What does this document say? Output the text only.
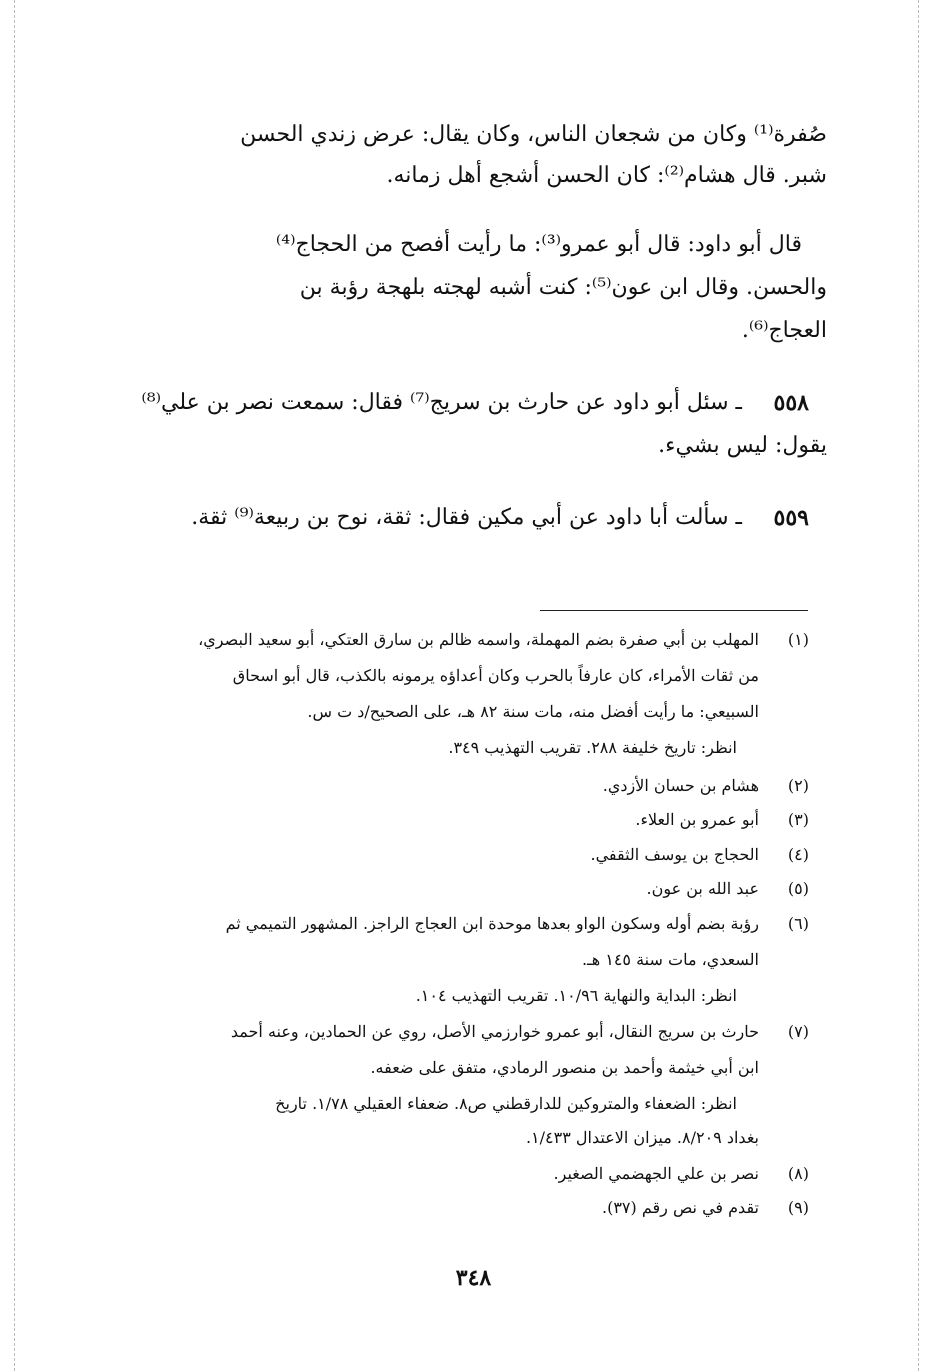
صُفرة⁽¹⁾ وكان من شجعان الناس، وكان يقال: عرض زندي الحسن
شبر. قال هشام⁽²⁾: كان الحسن أشجع أهل زمانه.
قال أبو داود: قال أبو عمرو⁽³⁾: ما رأيت أفصح من الحجاج⁽⁴⁾
والحسن. وقال ابن عون⁽⁵⁾: كنت أشبه لهجته بلهجة رؤبة بن
العجاج⁽⁶⁾.
٥٥٨
ـ سئل أبو داود عن حارث بن سريج⁽⁷⁾ فقال: سمعت نصر بن علي⁽⁸⁾
يقول: ليس بشيء.
٥٥٩
ـ سألت أبا داود عن أبي مكين فقال: ثقة، نوح بن ربيعة⁽⁹⁾ ثقة.
(١)
المهلب بن أبي صفرة بضم المهملة، واسمه ظالم بن سارق العتكي، أبو سعيد البصري،
من ثقات الأمراء، كان عارفاً بالحرب وكان أعداؤه يرمونه بالكذب، قال أبو اسحاق
السبيعي: ما رأيت أفضل منه، مات سنة ٨٢ هـ، على الصحيح/د ت س.
انظر: تاريخ خليفة ٢٨٨. تقريب التهذيب ٣٤٩.
(٢)
هشام بن حسان الأزدي.
(٣)
أبو عمرو بن العلاء.
(٤)
الحجاج بن يوسف الثقفي.
(٥)
عبد الله بن عون.
(٦)
رؤبة بضم أوله وسكون الواو بعدها موحدة ابن العجاج الراجز. المشهور التميمي ثم
السعدي، مات سنة ١٤٥ هـ.
انظر: البداية والنهاية ١٠/٩٦. تقريب التهذيب ١٠٤.
(٧)
حارث بن سريج النقال، أبو عمرو خوارزمي الأصل، روي عن الحمادين، وعنه أحمد
ابن أبي خيثمة وأحمد بن منصور الرمادي، متفق على ضعفه.
انظر: الضعفاء والمتروكين للدارقطني ص٨. ضعفاء العقيلي ١/٧٨. تاريخ
بغداد ٨/٢٠٩. ميزان الاعتدال ١/٤٣٣.
(٨)
نصر بن علي الجهضمي الصغير.
(٩)
تقدم في نص رقم (٣٧).
٣٤٨
